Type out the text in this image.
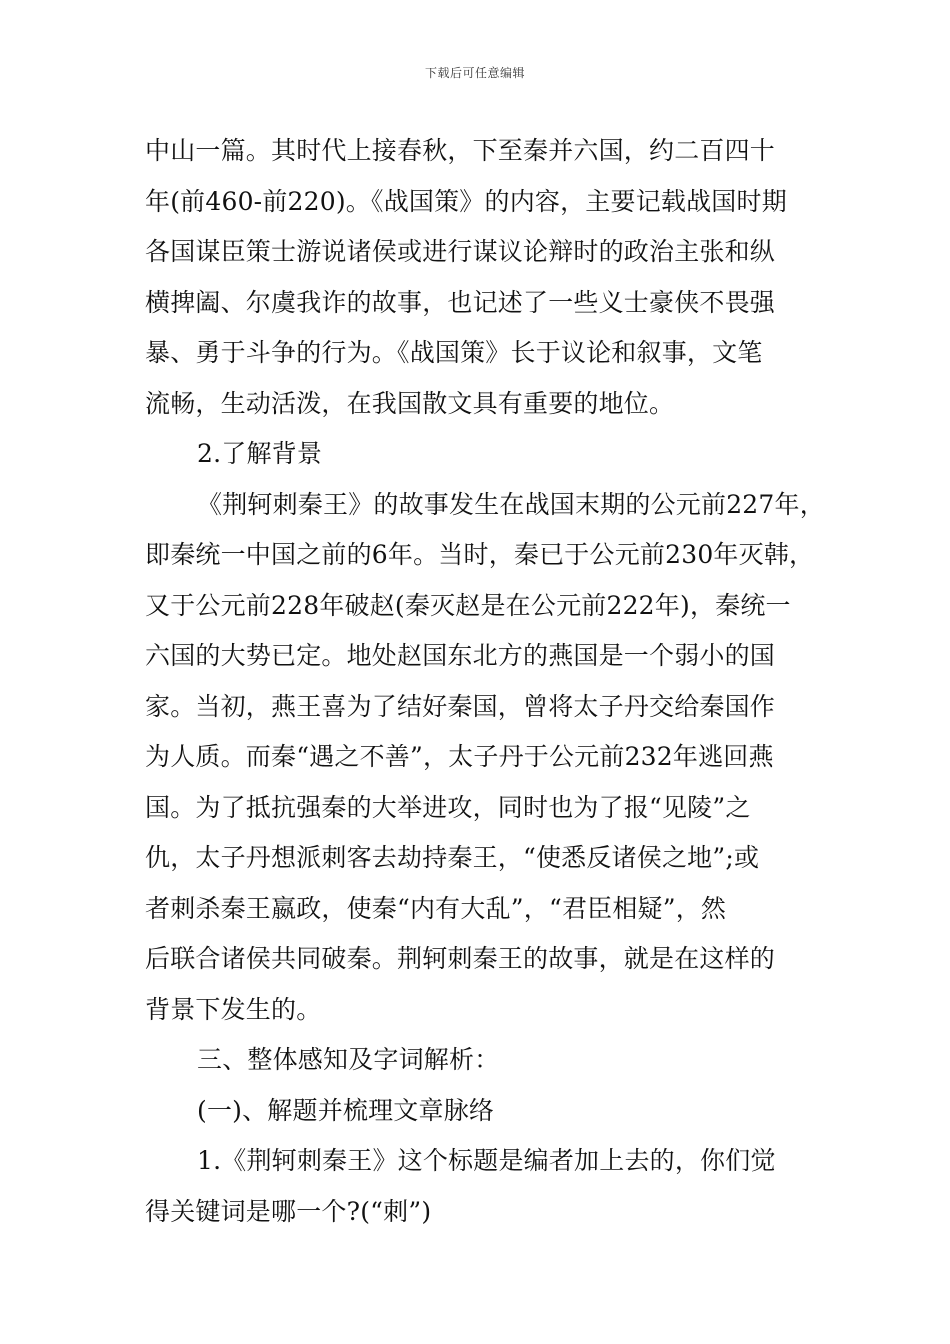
下载后可任意编辑
中山一篇。其时代上接春秋，下至秦并六国，约二百四十
年(前460-前220)。《战国策》的内容，主要记载战国时期
各国谋臣策士游说诸侯或进行谋议论辩时的政治主张和纵
横捭阖、尔虞我诈的故事，也记述了一些义士豪侠不畏强
暴、勇于斗争的行为。《战国策》长于议论和叙事，文笔
流畅，生动活泼，在我国散文具有重要的地位。
2.了解背景
《荆轲刺秦王》的故事发生在战国末期的公元前227年，
即秦统一中国之前的6年。当时，秦已于公元前230年灭韩，
又于公元前228年破赵(秦灭赵是在公元前222年)，秦统一
六国的大势已定。地处赵国东北方的燕国是一个弱小的国
家。当初，燕王喜为了结好秦国，曾将太子丹交给秦国作
为人质。而秦“遇之不善”，太子丹于公元前232年逃回燕
国。为了抵抗强秦的大举进攻，同时也为了报“见陵”之
仇，太子丹想派刺客去劫持秦王，“使悉反诸侯之地”;或
者刺杀秦王嬴政，使秦“内有大乱”，“君臣相疑”，然
后联合诸侯共同破秦。荆轲刺秦王的故事，就是在这样的
背景下发生的。
三、整体感知及字词解析：
(一)、解题并梳理文章脉络
1.《荆轲刺秦王》这个标题是编者加上去的，你们觉
得关键词是哪一个?(“刺”)
